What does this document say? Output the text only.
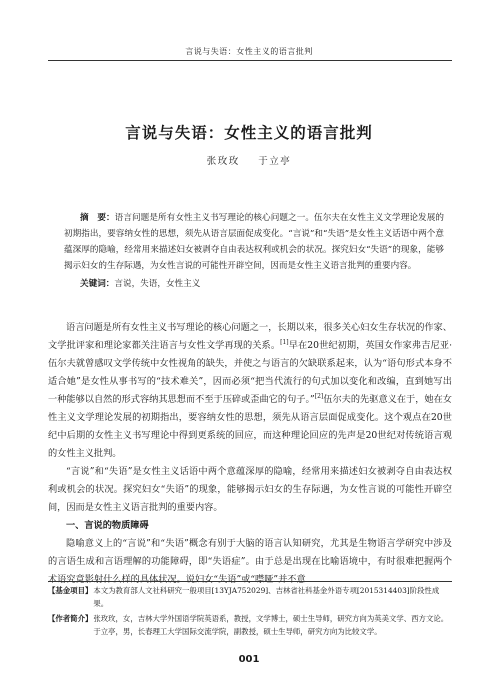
言说与失语：女性主义的语言批判
言说与失语：女性主义的语言批判
张玫玫 于立亭

摘　要：语言问题是所有女性主义书写理论的核心问题之一。伍尔夫在女性主义文学理论发展的初期指出，要容纳女性的思想，须先从语言层面促成变化。“言说”和“失语”是女性主义话语中两个意蕴深厚的隐喻，经常用来描述妇女被剥夺自由表达权利或机会的状况。探究妇女“失语”的现象，能够揭示妇女的生存际遇，为女性言说的可能性开辟空间，因而是女性主义语言批判的重要内容。

关键词：言说，失语，女性主义

语言问题是所有女性主义书写理论的核心问题之一，长期以来，很多关心妇女生存状况的作家、文学批评家和理论家都关注语言与女性文学再现的关系。[1]早在20世纪初期，英国女作家弗吉尼亚·伍尔夫就曾感叹文学传统中女性视角的缺失，并使之与语言的欠缺联系起来，认为“语句形式本身不适合她”是女性从事书写的“技术难关”，因而必须“把当代流行的句式加以变化和改编，直到她写出一种能够以自然的形式容纳其思想而不至于压碎或歪曲它的句子。”[2]伍尔夫的先驱意义在于，她在女性主义文学理论发展的初期指出，要容纳女性的思想，须先从语言层面促成变化。这个观点在20世纪中后期的女性主义书写理论中得到更系统的回应，而这种理论回应的先声是20世纪对传统语言观的女性主义批判。

“言说”和“失语”是女性主义话语中两个意蕴深厚的隐喻，经常用来描述妇女被剥夺自由表达权利或机会的状况。探究妇女“失语”的现象，能够揭示妇女的生存际遇，为女性言说的可能性开辟空间，因而是女性主义语言批判的重要内容。

一、言说的物质障碍

隐喻意义上的“言说”和“失语”概念有别于大脑的语言认知研究，尤其是生物语言学研究中涉及的言语生成和言语理解的功能障碍，即“失语症”。由于总是出现在比喻语境中，有时很难把握两个术语究竟影射什么样的具体状况。说妇女“失语”或“噤哑”并不意

【基金项目】 本文为教育部人文社科研究一般项目[13YJA752029]、吉林省社科基金外语专项[2015314403]阶段性成果。
【作者简介】 张玫玫，女，吉林大学外国语学院英语系，教授，文学博士，硕士生导师，研究方向为英美文学、西方文论。于立亭，男，长春理工大学国际交流学院，副教授，硕士生导师，研究方向为比较文学。
001
